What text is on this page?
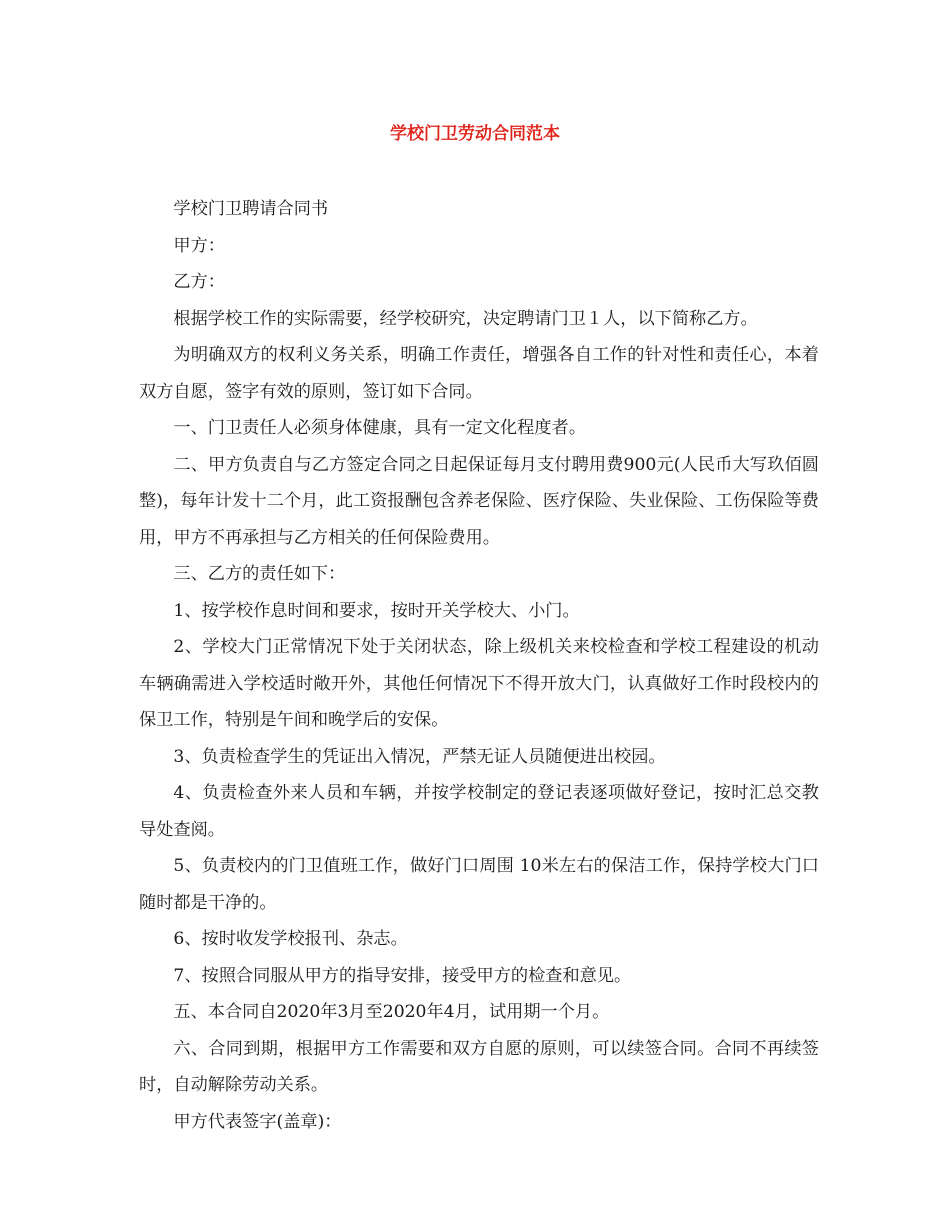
学校门卫劳动合同范本

学校门卫聘请合同书

甲方：

乙方：

根据学校工作的实际需要，经学校研究，决定聘请门卫１人，以下简称乙方。

为明确双方的权利义务关系，明确工作责任，增强各自工作的针对性和责任心，本着双方自愿，签字有效的原则，签订如下合同。

一、门卫责任人必须身体健康，具有一定文化程度者。

二、甲方负责自与乙方签定合同之日起保证每月支付聘用费900元(人民币大写玖佰圆整)，每年计发十二个月，此工资报酬包含养老保险、医疗保险、失业保险、工伤保险等费用，甲方不再承担与乙方相关的任何保险费用。

三、乙方的责任如下：

1、按学校作息时间和要求，按时开关学校大、小门。

2、学校大门正常情况下处于关闭状态，除上级机关来校检查和学校工程建设的机动车辆确需进入学校适时敞开外，其他任何情况下不得开放大门，认真做好工作时段校内的保卫工作，特别是午间和晚学后的安保。

3、负责检查学生的凭证出入情况，严禁无证人员随便进出校园。

4、负责检查外来人员和车辆，并按学校制定的登记表逐项做好登记，按时汇总交教导处查阅。

5、负责校内的门卫值班工作，做好门口周围 10米左右的保洁工作，保持学校大门口随时都是干净的。

6、按时收发学校报刊、杂志。

7、按照合同服从甲方的指导安排，接受甲方的检查和意见。

五、本合同自2020年3月至2020年4月，试用期一个月。

六、合同到期，根据甲方工作需要和双方自愿的原则，可以续签合同。合同不再续签时，自动解除劳动关系。

甲方代表签字(盖章)：
